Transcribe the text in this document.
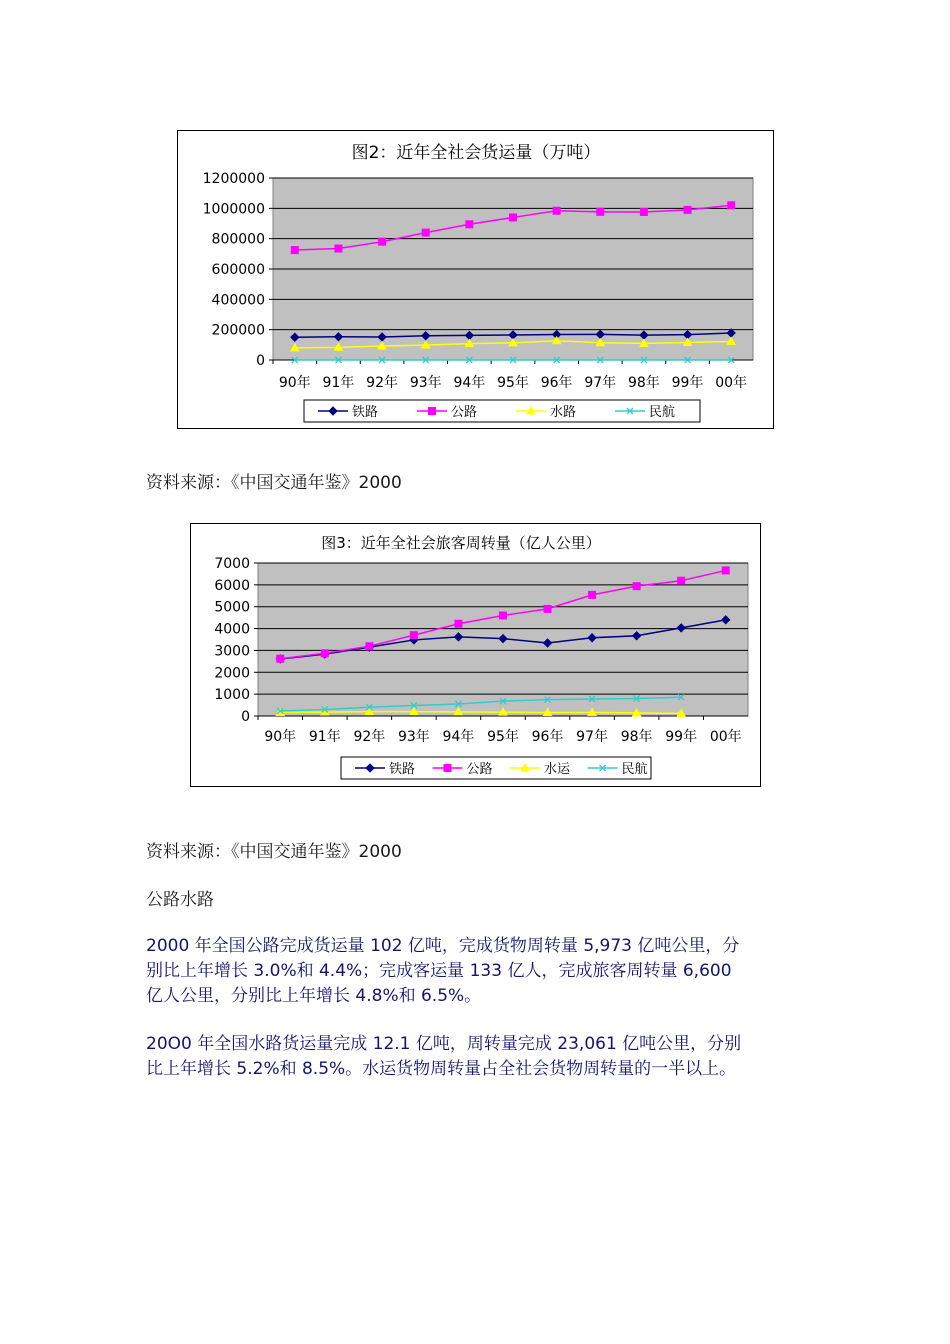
图2：近年全社会货运量（万吨）
0
200000
400000
600000
800000
1000000
1200000
90年 91年 92年 93年 94年 95年 96年 97年 98年 99年 00年
铁路	公路	水路	民航
资料来源：《中国交通年鉴》2000
图3：近年全社会旅客周转量（亿人公里）
0
1000
2000
3000
4000
5000
6000
7000
90年 91年 92年 93年 94年 95年 96年 97年 98年 99年 00年
铁路	公路	水运	民航
资料来源：《中国交通年鉴》2000
公路水路
2000 年全国公路完成货运量 102 亿吨，完成货物周转量 5,973 亿吨公里，分
别比上年增长 3.0%和 4.4%；完成客运量 133 亿人，完成旅客周转量 6,600
亿人公里，分别比上年增长 4.8%和 6.5%。
20O0 年全国水路货运量完成 12.1 亿吨，周转量完成 23,061 亿吨公里，分别
比上年增长 5.2%和 8.5%。水运货物周转量占全社会货物周转量的一半以上。
